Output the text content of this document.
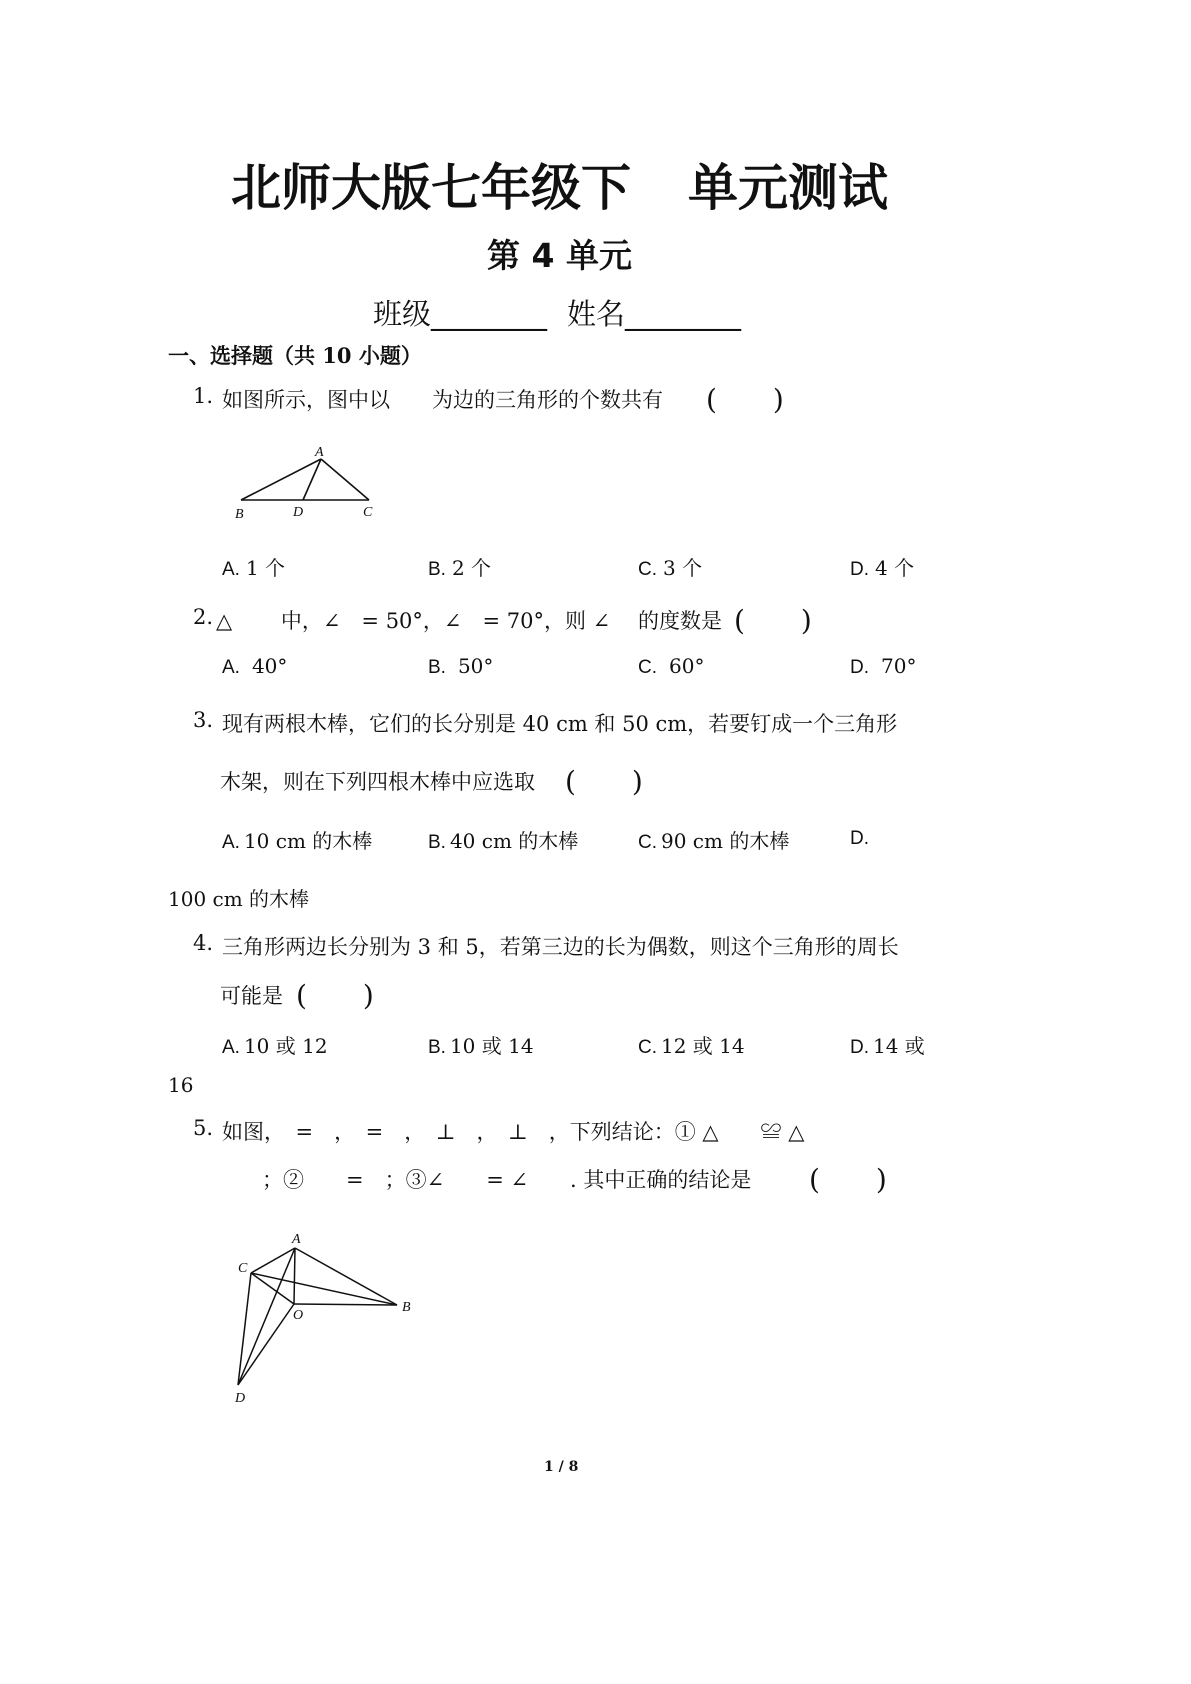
北师大版七年级下 单元测试
第 4 单元
班级________ 姓名________
一、选择题（共 10 小题）
1. 如图所示，图中以　　为边的三角形的个数共有 (　　)
A
B	D	C
A. 1 个	B. 2 个	C. 3 个	D. 4 个
2. △　　 中，∠　= 50°，∠　= 70°，则 ∠　 的度数是 (　　)
A. 40°	B. 50°	C. 60°	D. 70°
3. 现有两根木棒，它们的长分别是 40 cm 和 50 cm，若要钉成一个三角形
木架，则在下列四根木棒中应选取 (　　)
A. 10 cm 的木棒	B. 40 cm 的木棒	C. 90 cm 的木棒	D.
100 cm 的木棒
4. 三角形两边长分别为 3 和 5，若第三边的长为偶数，则这个三角形的周长
可能是 (　　)
A. 10 或 12	B. 10 或 14	C. 12 或 14	D. 14 或
16
5. 如图，　=　，　=　，　⊥　，　⊥　，下列结论：① △　　≌ △
；②　　=　；③∠　　= ∠　　. 其中正确的结论是 (　　)
A
C
O
B
D
1 / 8
